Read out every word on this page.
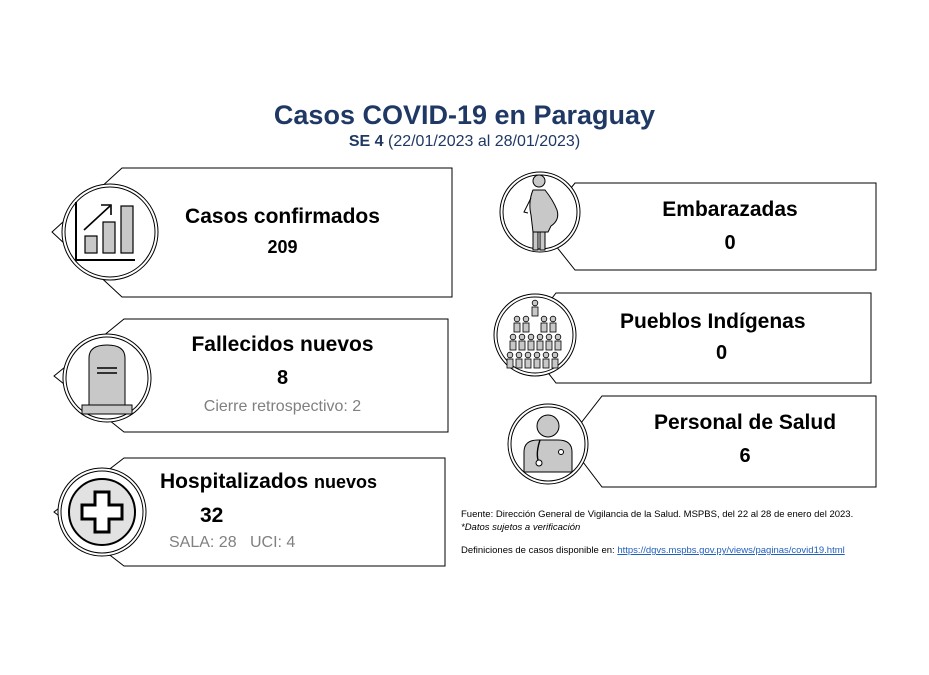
Casos COVID-19 en Paraguay
SE 4 (22/01/2023 al 28/01/2023)
Casos confirmados
209
Fallecidos nuevos
8
Cierre retrospectivo: 2
Hospitalizados nuevos
32
SALA: 28 UCI: 4
Embarazadas
0
Pueblos Indígenas
0
Personal de Salud
6
Fuente: Dirección General de Vigilancia de la Salud. MSPBS, del 22 al 28 de enero del 2023.
*Datos sujetos a verificación
Definiciones de casos disponible en: https://dgvs.mspbs.gov.py/views/paginas/covid19.html
